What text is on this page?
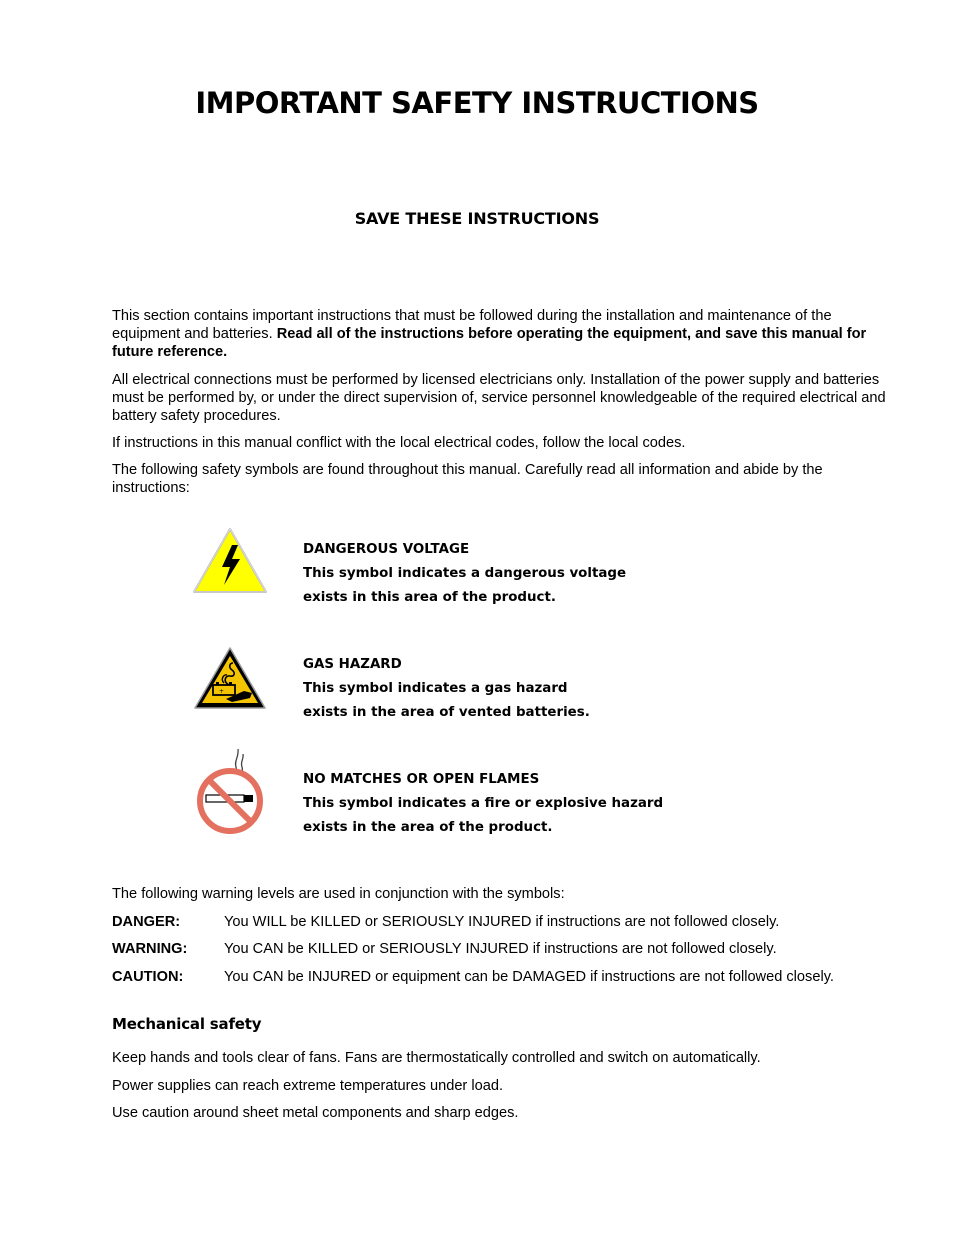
IMPORTANT SAFETY INSTRUCTIONS
SAVE THESE INSTRUCTIONS
This section contains important instructions that must be followed during the installation and maintenance of the equipment and batteries. Read all of the instructions before operating the equipment, and save this manual for future reference.
All electrical connections must be performed by licensed electricians only. Installation of the power supply and batteries must be performed by, or under the direct supervision of, service personnel knowledgeable of the required electrical and battery safety procedures.
If instructions in this manual conflict with the local electrical codes, follow the local codes.
The following safety symbols are found throughout this manual. Carefully read all information and abide by the instructions:
DANGEROUS VOLTAGE
This symbol indicates a dangerous voltage
exists in this area of the product.
+
GAS HAZARD
This symbol indicates a gas hazard
exists in the area of vented batteries.
NO MATCHES OR OPEN FLAMES
This symbol indicates a fire or explosive hazard
exists in the area of the product.
The following warning levels are used in conjunction with the symbols:
DANGER:	You WILL be KILLED or SERIOUSLY INJURED if instructions are not followed closely.
WARNING:	You CAN be KILLED or SERIOUSLY INJURED if instructions are not followed closely.
CAUTION:	You CAN be INJURED or equipment can be DAMAGED if instructions are not followed closely.
Mechanical safety
Keep hands and tools clear of fans. Fans are thermostatically controlled and switch on automatically.
Power supplies can reach extreme temperatures under load.
Use caution around sheet metal components and sharp edges.
